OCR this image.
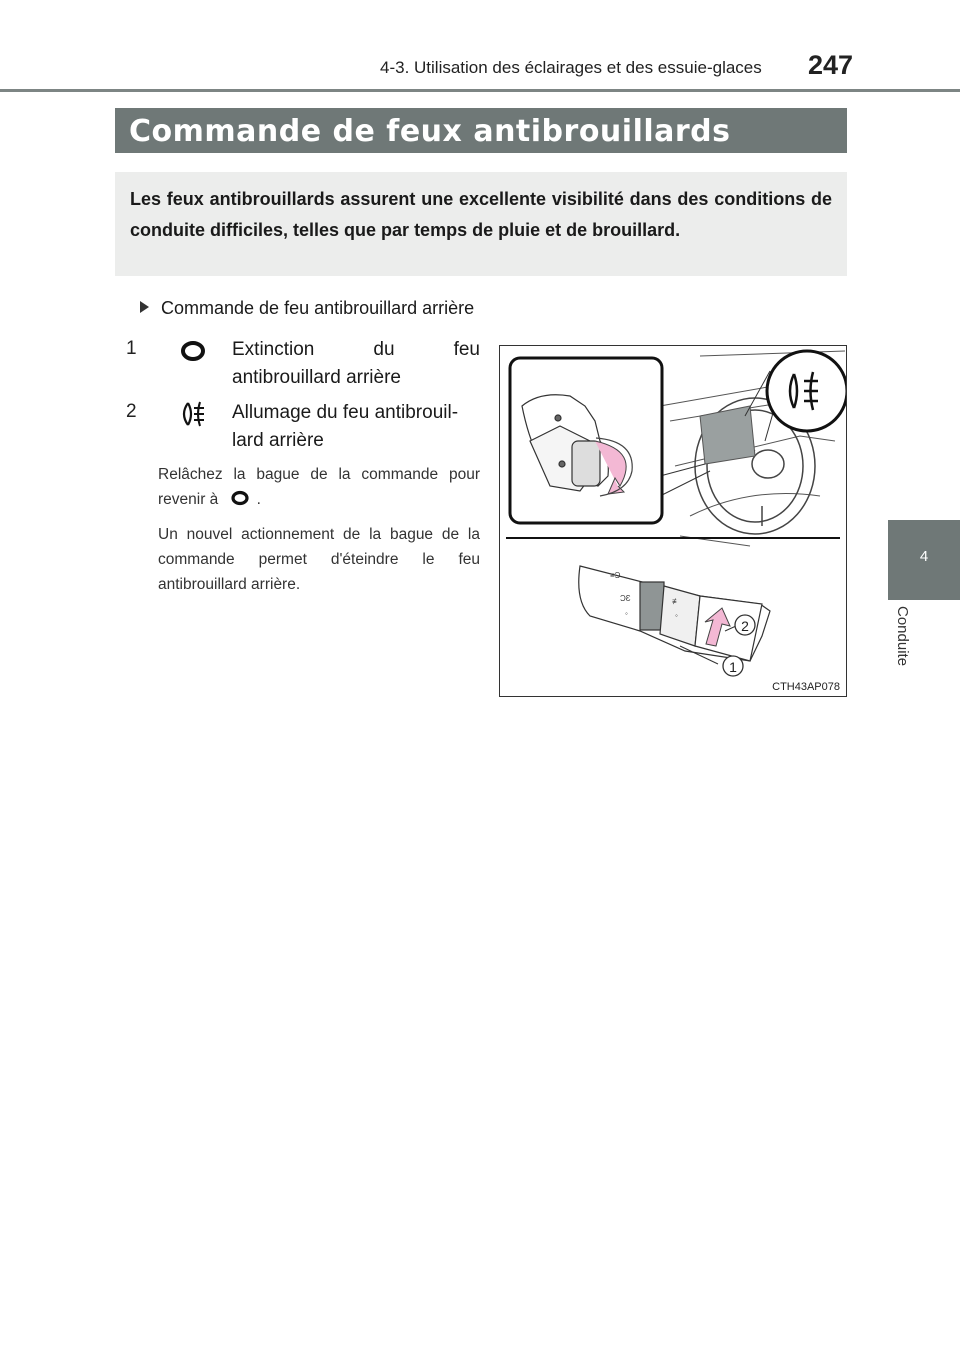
4-3. Utilisation des éclairages et des essuie-glaces 247
4
Conduite
Commande de feux antibrouillards
Les feux antibrouillards assurent une excellente visibilité dans des conditions de conduite difficiles, telles que par temps de pluie et de brouillard.
Commande de feu antibrouillard arrière
1	Extinction du feu antibrouillard arrière
2	Allumage du feu antibrouil-lard arrière
Relâchez la bague de la commande pour revenir à .
Un nouvel actionnement de la bague de la commande permet d'éteindre le feu antibrouillard arrière.
≡Ɔ
ƆƐ
◦
≢
◦
2
1
CTH43AP078
